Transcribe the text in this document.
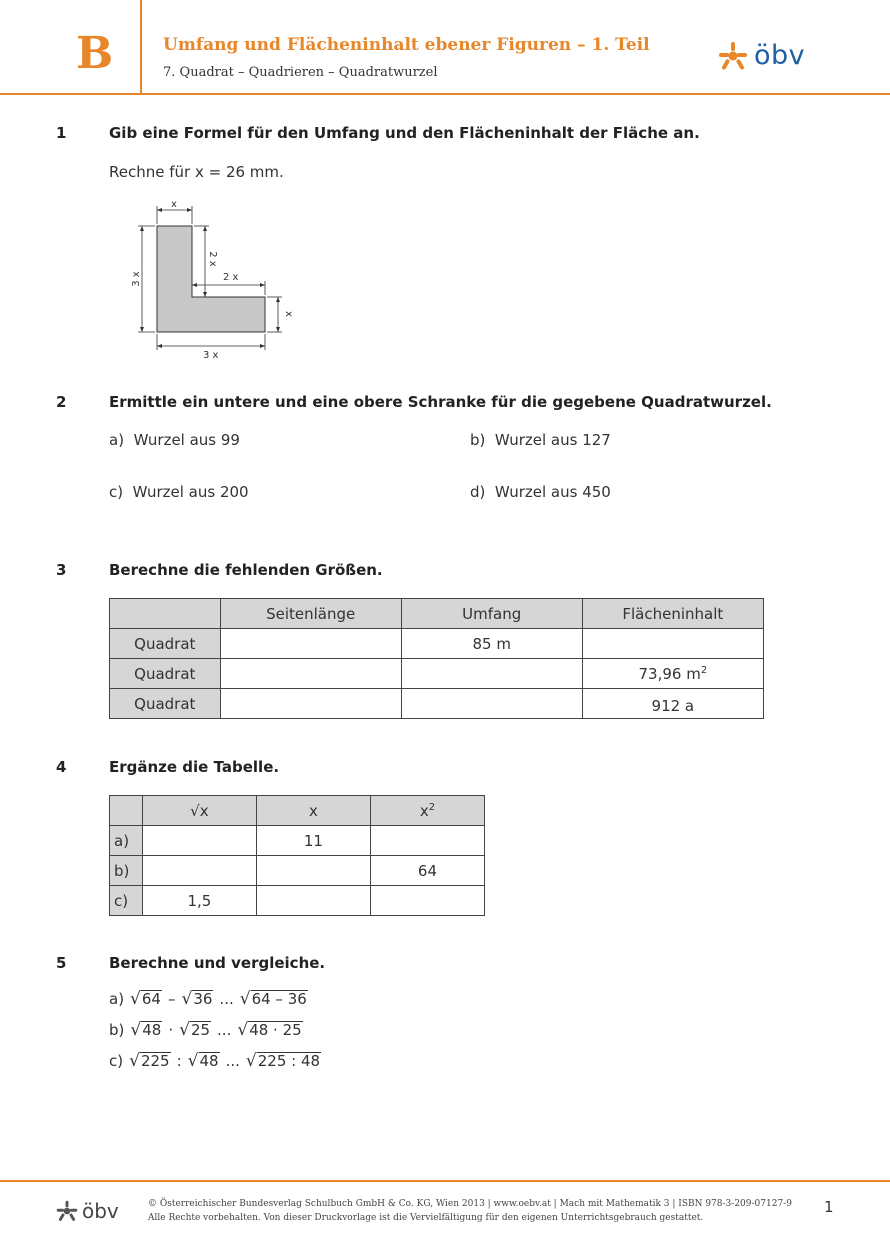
B	Umfang und Flächeninhalt ebener Figuren – 1. Teil
7. Quadrat – Quadrieren – Quadratwurzel
öbv
1	Gib eine Formel für den Umfang und den Flächeninhalt der Fläche an.
Rechne für x = 26 mm.
x
3 x
2 x
2 x
x
3 x
2	Ermittle ein untere und eine obere Schranke für die gegebene Quadratwurzel.
a) Wurzel aus 99	b) Wurzel aus 127
c) Wurzel aus 200	d) Wurzel aus 450
3	Berechne die fehlenden Größen.
	Seitenlänge	Umfang	Flächeninhalt
Quadrat		85 m	
Quadrat			73,96 $m^2$
Quadrat			912 a
4	Ergänze die Tabelle.
	√x	x	$x^2$
a)		11	
b)			64
c)	1,5		
5	Berechne und vergleiche.
a) √ 64 – √ 36 ... √ 64 – 36
b) √ 48 · √ 25 ... √ 48 · 25
c) √ 225 : √ 48 ... √ 225 : 48
öbv	© Österreichischer Bundesverlag Schulbuch GmbH & Co. KG, Wien 2013 | www.oebv.at | Mach mit Mathematik 3 | ISBN 978-3-209-07127-9
Alle Rechte vorbehalten. Von dieser Druckvorlage ist die Vervielfältigung für den eigenen Unterrichtsgebrauch gestattet.
1
